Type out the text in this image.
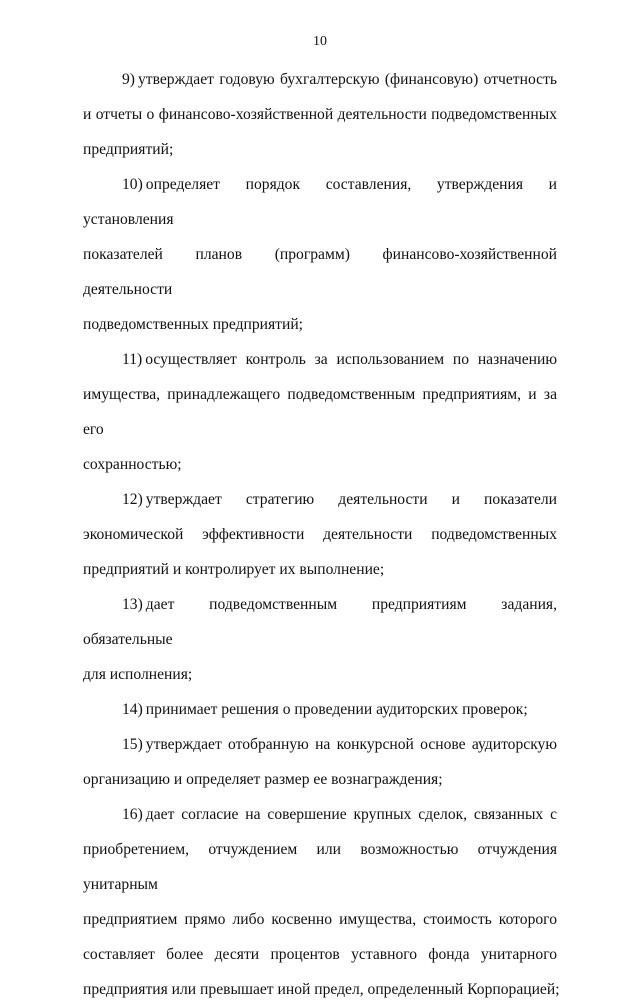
10
9) утверждает годовую бухгалтерскую (финансовую) отчетность
и отчеты о финансово-хозяйственной деятельности подведомственных
предприятий;
10) определяет порядок составления, утверждения и установления
показателей планов (программ) финансово-хозяйственной деятельности
подведомственных предприятий;
11) осуществляет контроль за использованием по назначению
имущества, принадлежащего подведомственным предприятиям, и за его
сохранностью;
12) утверждает стратегию деятельности и показатели
экономической эффективности деятельности подведомственных
предприятий и контролирует их выполнение;
13) дает подведомственным предприятиям задания, обязательные
для исполнения;
14) принимает решения о проведении аудиторских проверок;
15) утверждает отобранную на конкурсной основе аудиторскую
организацию и определяет размер ее вознаграждения;
16) дает согласие на совершение крупных сделок, связанных с
приобретением, отчуждением или возможностью отчуждения унитарным
предприятием прямо либо косвенно имущества, стоимость которого
составляет более десяти процентов уставного фонда унитарного
предприятия или превышает иной предел, определенный Корпорацией;
